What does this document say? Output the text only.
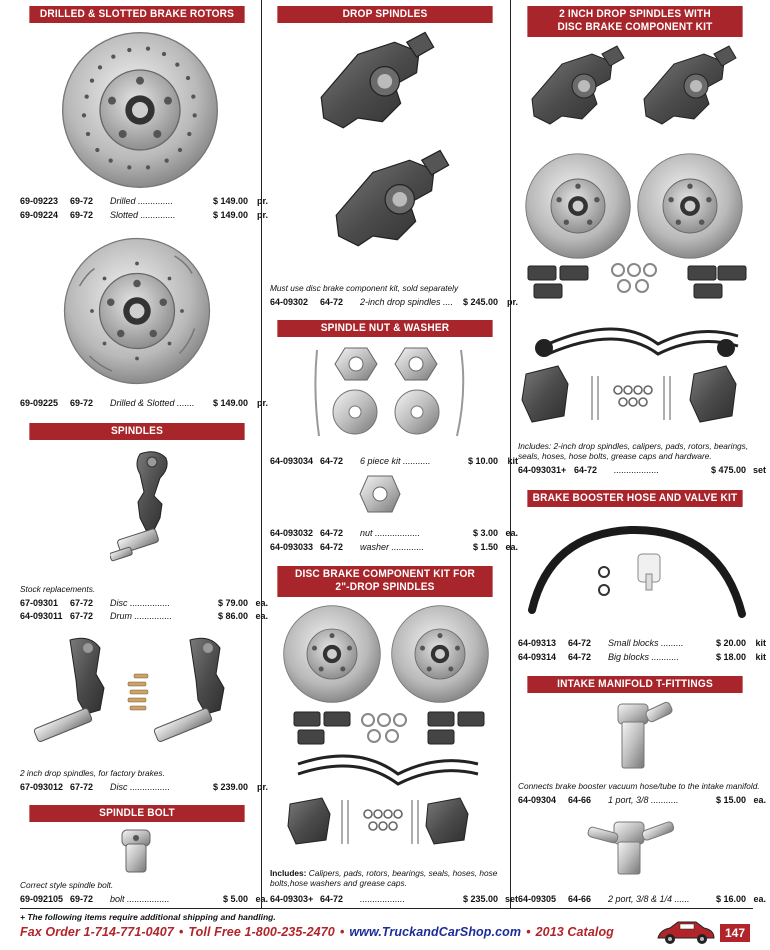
DRILLED & SLOTTED BRAKE ROTORS
69-09223	69-72	Drilled ..............	$ 149.00 pr.
69-09224	69-72	Slotted ..............	$ 149.00 pr.
69-09225	69-72	Drilled & Slotted .......	$ 149.00 pr.
SPINDLES
Stock replacements.
67-09301	67-72	Disc ................	$ 79.00 ea.
64-093011 67-72	Drum ...............	$ 86.00 ea.
2 inch drop spindles, for factory brakes.
67-093012 67-72	Disc ................	$ 239.00 pr.
SPINDLE BOLT
Correct style spindle bolt.
69-092105 69-72	bolt .................	$ 5.00 ea.
DROP SPINDLES
Must use disc brake component kit, sold separately
64-09302	64-72	2-inch drop spindles ....	$ 245.00 pr.
SPINDLE NUT & WASHER
64-093034 64-72	6 piece kit ...........	$ 10.00	kit
64-093032 64-72	nut ..................	$ 3.00 ea.
64-093033 64-72	washer .............	$ 1.50 ea.
DISC BRAKE COMPONENT KIT FOR
2"-DROP SPINDLES
Includes: Calipers, pads, rotors, bearings, seals, hoses, hose bolts,hose washers and grease caps.
64-09303+ 64-72	..................	$ 235.00 set
2 INCH DROP SPINDLES WITH
DISC BRAKE COMPONENT KIT
Includes: 2-inch drop spindles, calipers, pads, rotors, bearings, seals, hoses, hose bolts, grease caps and hardware.
64-093031+ 64-72	..................	$ 475.00 set
BRAKE BOOSTER HOSE AND VALVE KIT
64-09313	64-72	Small blocks .........	$ 20.00	kit
64-09314	64-72	Big blocks ...........	$ 18.00	kit
INTAKE MANIFOLD T-FITTINGS
Connects brake booster vacuum hose/tube to the intake manifold.
64-09304	64-66	1 port, 3/8 ...........	$ 15.00 ea.
64-09305	64-66	2 port, 3/8 & 1/4 ......	$ 16.00 ea.
+ The following items require additional shipping and handling.
Fax Order 1-714-771-0407 • Toll Free 1-800-235-2470 • www.TruckandCarShop.com • 2013 Catalog	147
